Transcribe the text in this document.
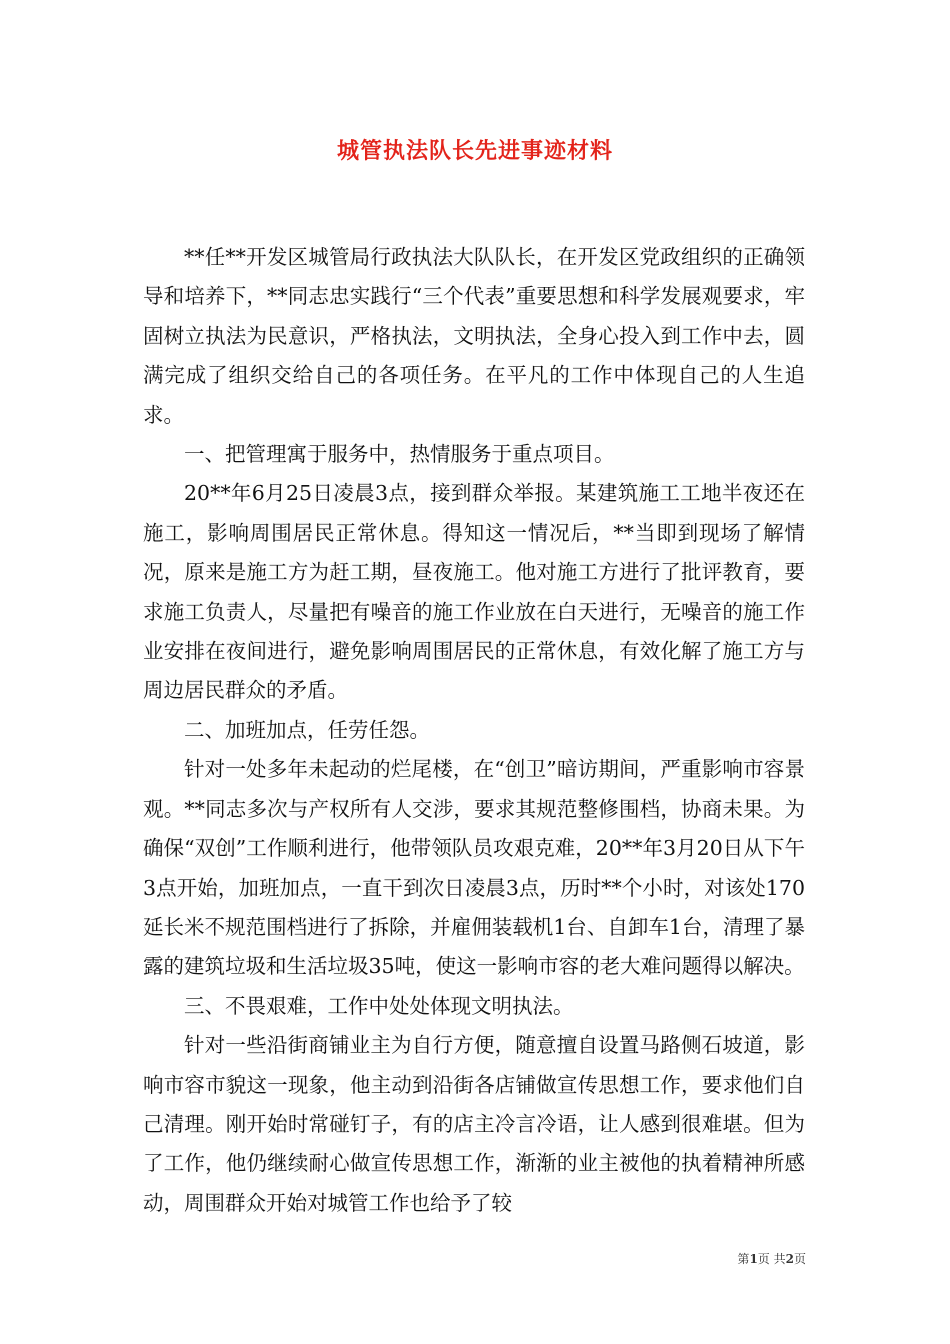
城管执法队长先进事迹材料

**任**开发区城管局行政执法大队队长，在开发区党政组织的正确领导和培养下，**同志忠实践行“三个代表”重要思想和科学发展观要求，牢固树立执法为民意识，严格执法，文明执法，全身心投入到工作中去，圆满完成了组织交给自己的各项任务。在平凡的工作中体现自己的人生追求。

一、把管理寓于服务中，热情服务于重点项目。

20**年6月25日凌晨3点，接到群众举报。某建筑施工工地半夜还在施工，影响周围居民正常休息。得知这一情况后，**当即到现场了解情况，原来是施工方为赶工期，昼夜施工。他对施工方进行了批评教育，要求施工负责人，尽量把有噪音的施工作业放在白天进行，无噪音的施工作业安排在夜间进行，避免影响周围居民的正常休息，有效化解了施工方与周边居民群众的矛盾。

二、加班加点，任劳任怨。

针对一处多年未起动的烂尾楼，在“创卫”暗访期间，严重影响市容景观。**同志多次与产权所有人交涉，要求其规范整修围档，协商未果。为确保“双创”工作顺利进行，他带领队员攻艰克难，20**年3月20日从下午3点开始，加班加点，一直干到次日凌晨3点，历时**个小时，对该处170延长米不规范围档进行了拆除，并雇佣装载机1台、自卸车1台，清理了暴露的建筑垃圾和生活垃圾35吨，使这一影响市容的老大难问题得以解决。

三、不畏艰难，工作中处处体现文明执法。

针对一些沿街商铺业主为自行方便，随意擅自设置马路侧石坡道，影响市容市貌这一现象，他主动到沿街各店铺做宣传思想工作，要求他们自己清理。刚开始时常碰钉子，有的店主冷言冷语，让人感到很难堪。但为了工作，他仍继续耐心做宣传思想工作，渐渐的业主被他的执着精神所感动，周围群众开始对城管工作也给予了较

第1页 共2页
